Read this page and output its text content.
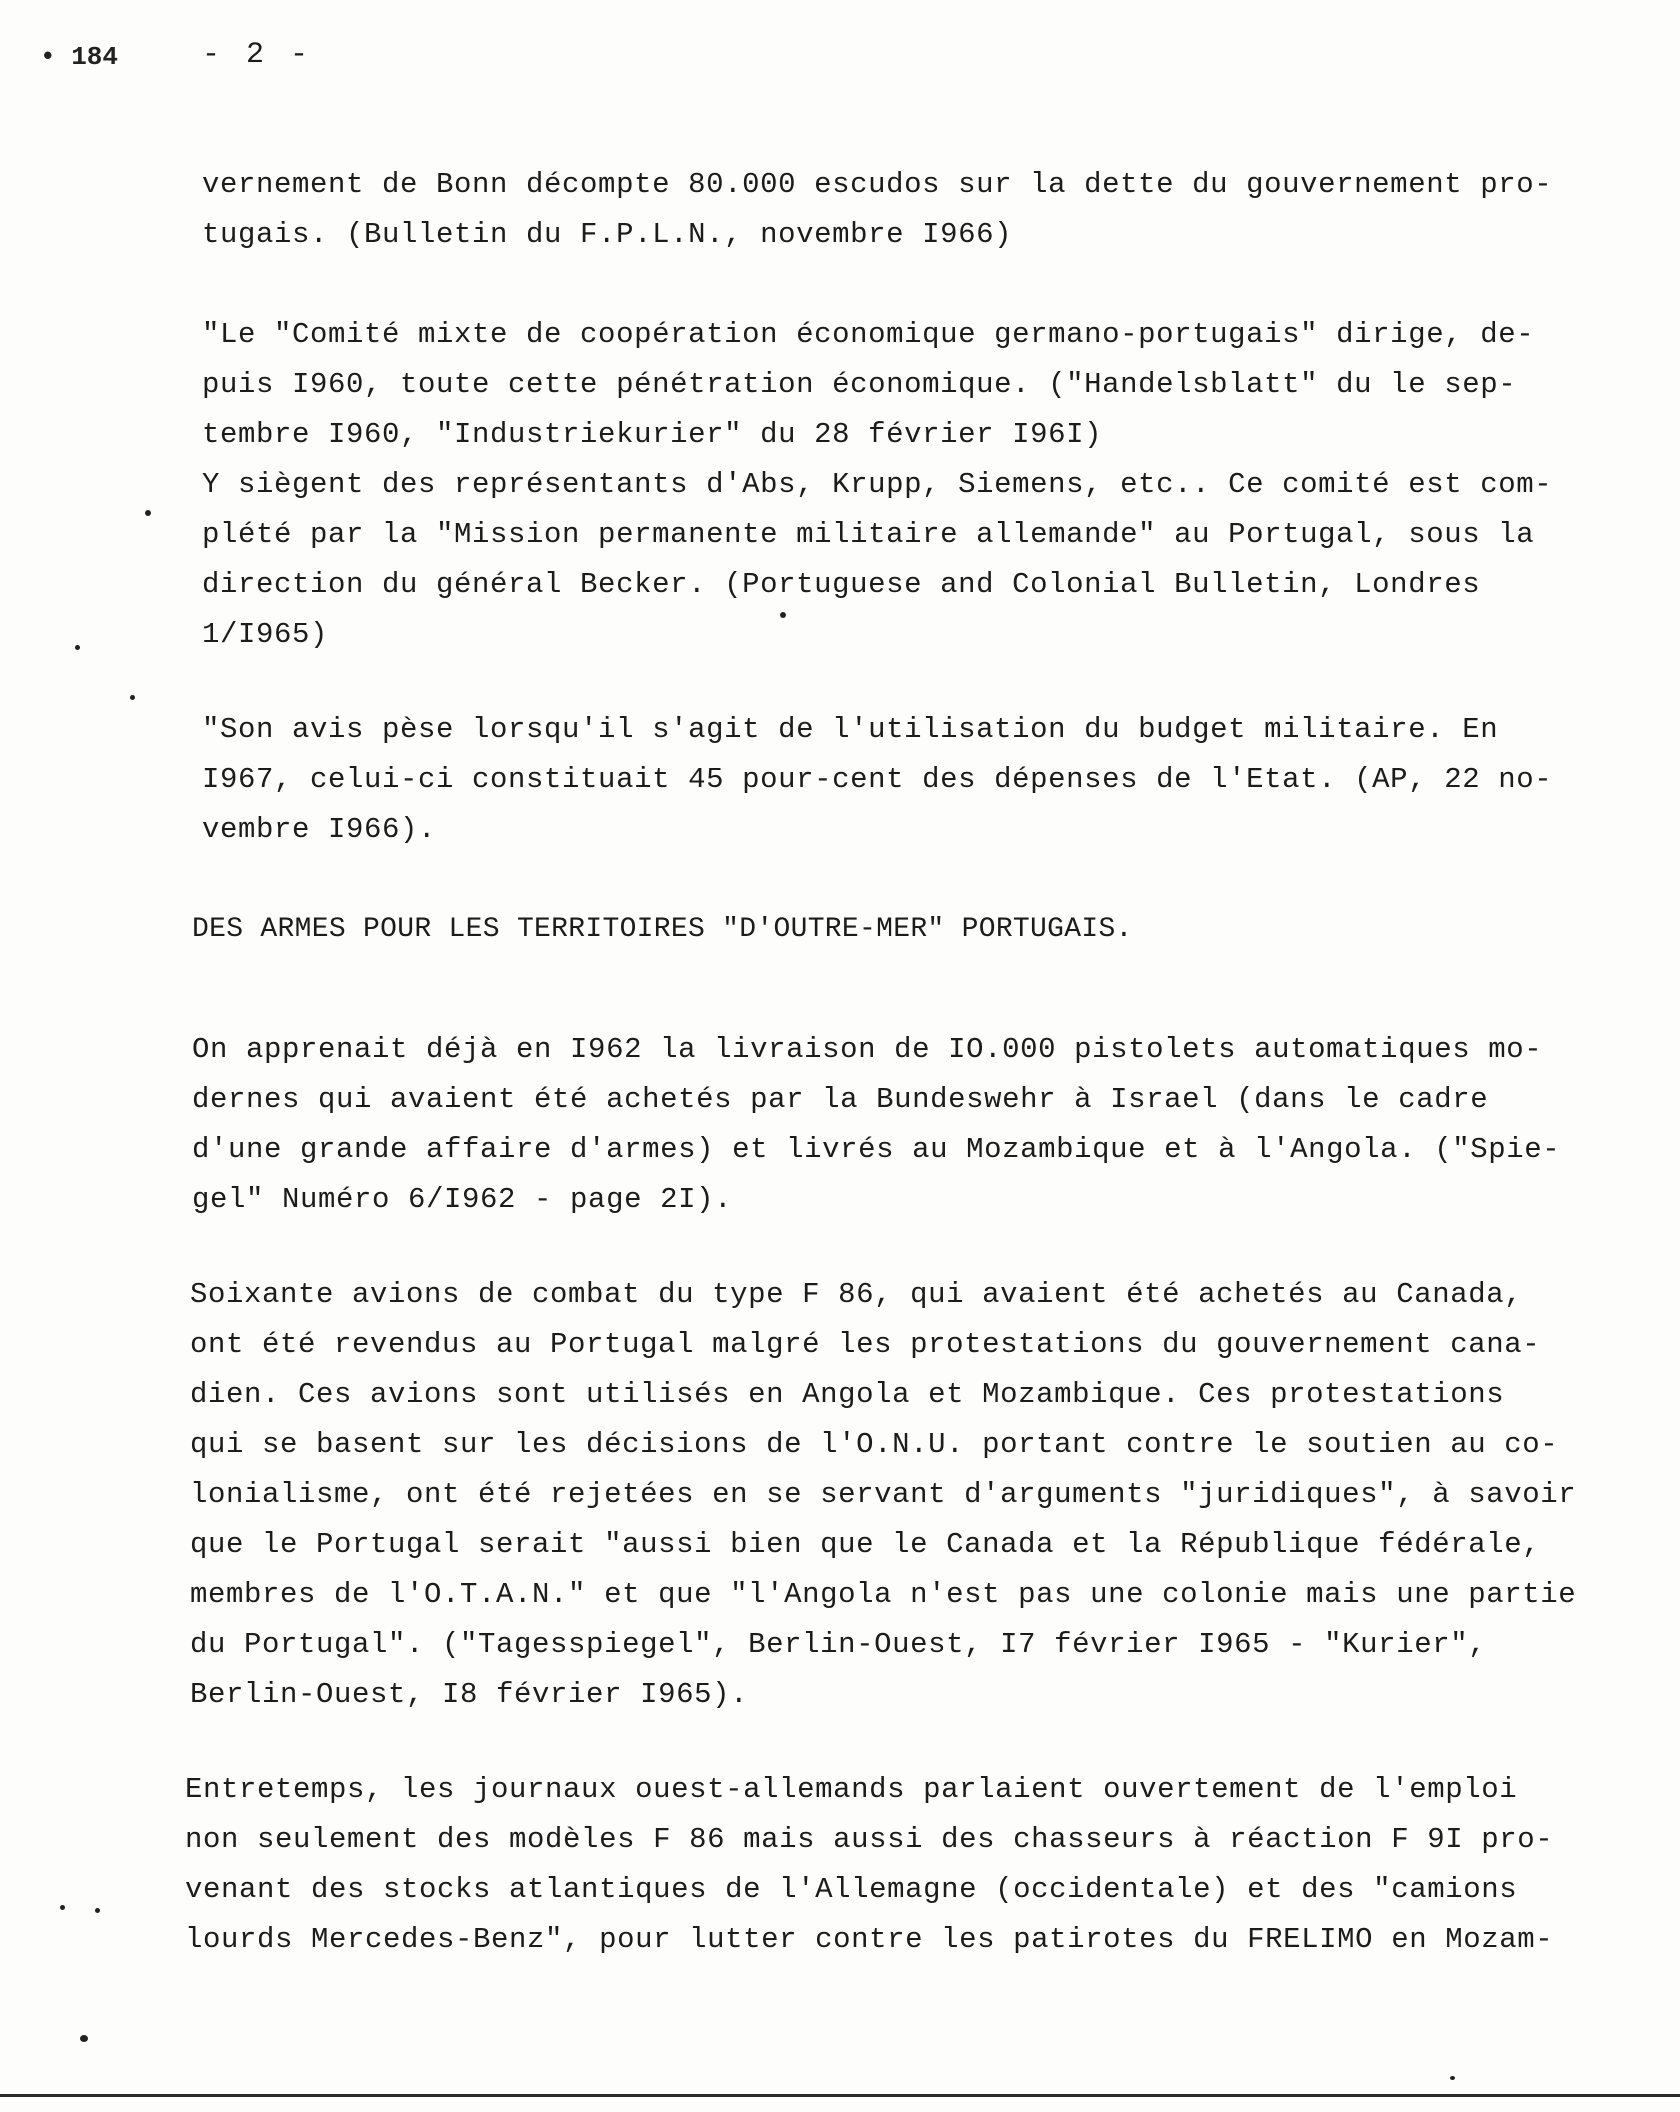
• 184	- 2 -
vernement de Bonn décompte 80.000 escudos sur la dette du gouvernement pro-
tugais. (Bulletin du F.P.L.N., novembre I966)
"Le "Comité mixte de coopération économique germano-portugais" dirige, de-
puis I960, toute cette pénétration économique. ("Handelsblatt" du le sep-
tembre I960, "Industriekurier" du 28 février I96I)
Y siègent des représentants d'Abs, Krupp, Siemens, etc.. Ce comité est com-
plété par la "Mission permanente militaire allemande" au Portugal, sous la
direction du général Becker. (Portuguese and Colonial Bulletin, Londres
1/I965)
"Son avis pèse lorsqu'il s'agit de l'utilisation du budget militaire. En
I967, celui-ci constituait 45 pour-cent des dépenses de l'Etat. (AP, 22 no-
vembre I966).
DES ARMES POUR LES TERRITOIRES "D'OUTRE-MER" PORTUGAIS.
On apprenait déjà en I962 la livraison de IO.000 pistolets automatiques mo-
dernes qui avaient été achetés par la Bundeswehr à Israel (dans le cadre
d'une grande affaire d'armes) et livrés au Mozambique et à l'Angola. ("Spie-
gel" Numéro 6/I962 - page 2I).
Soixante avions de combat du type F 86, qui avaient été achetés au Canada,
ont été revendus au Portugal malgré les protestations du gouvernement cana-
dien. Ces avions sont utilisés en Angola et Mozambique. Ces protestations
qui se basent sur les décisions de l'O.N.U. portant contre le soutien au co-
lonialisme, ont été rejetées en se servant d'arguments "juridiques", à savoir
que le Portugal serait "aussi bien que le Canada et la République fédérale,
membres de l'O.T.A.N." et que "l'Angola n'est pas une colonie mais une partie
du Portugal". ("Tagesspiegel", Berlin-Ouest, I7 février I965 - "Kurier",
Berlin-Ouest, I8 février I965).
Entretemps, les journaux ouest-allemands parlaient ouvertement de l'emploi
non seulement des modèles F 86 mais aussi des chasseurs à réaction F 9I pro-
venant des stocks atlantiques de l'Allemagne (occidentale) et des "camions
lourds Mercedes-Benz", pour lutter contre les patirotes du FRELIMO en Mozam-
